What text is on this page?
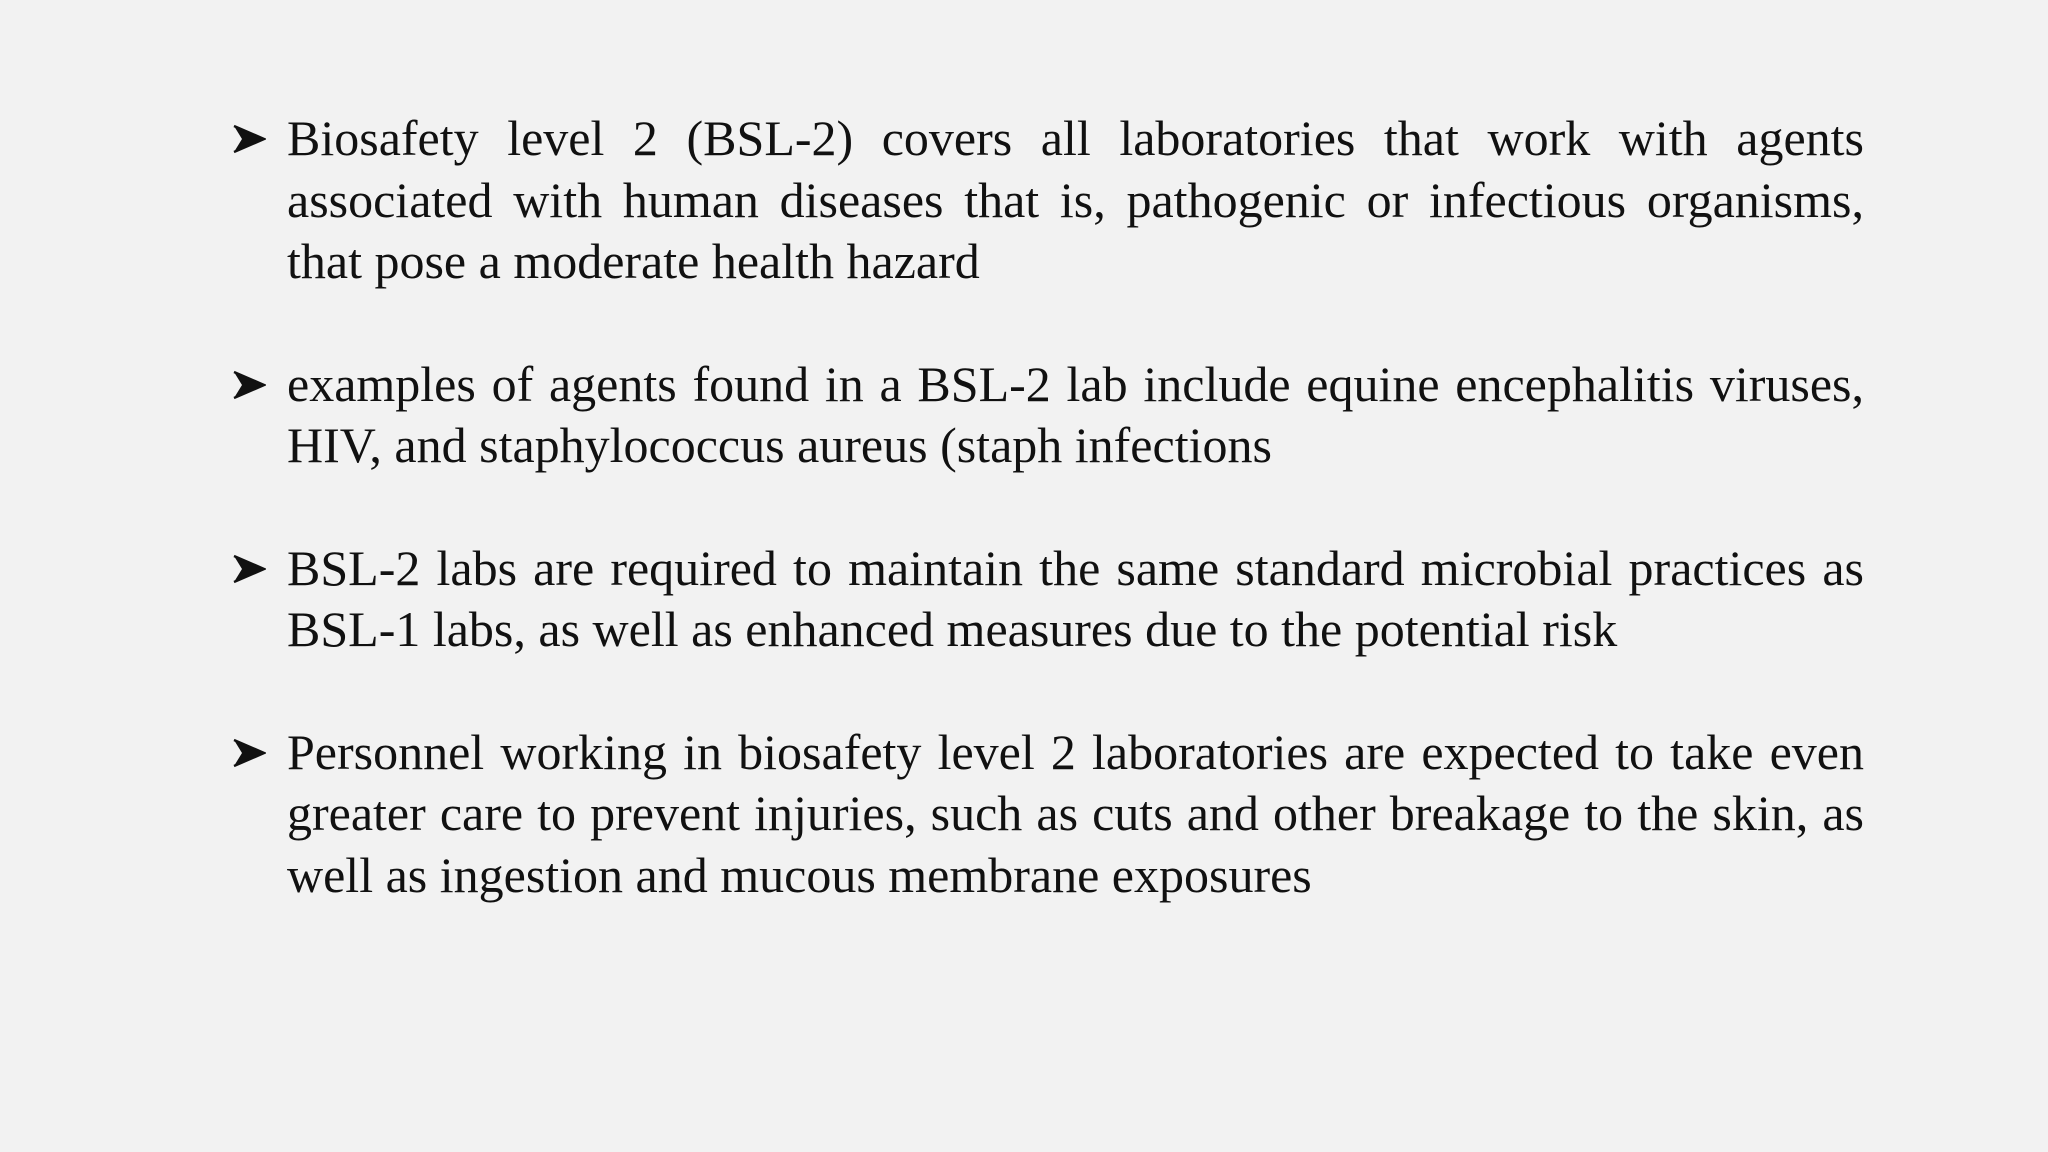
Biosafety level 2 (BSL-2) covers all laboratories that work with agents associated with human diseases that is, pathogenic or infectious organisms, that pose a moderate health hazard
examples of agents found in a BSL-2 lab include equine encephalitis viruses, HIV, and staphylococcus aureus (staph infections
BSL-2 labs are required to maintain the same standard microbial practices as BSL-1 labs, as well as enhanced measures due to the potential risk
Personnel working in biosafety level 2 laboratories are expected to take even greater care to prevent injuries, such as cuts and other breakage to the skin, as well as ingestion and mucous membrane exposures
